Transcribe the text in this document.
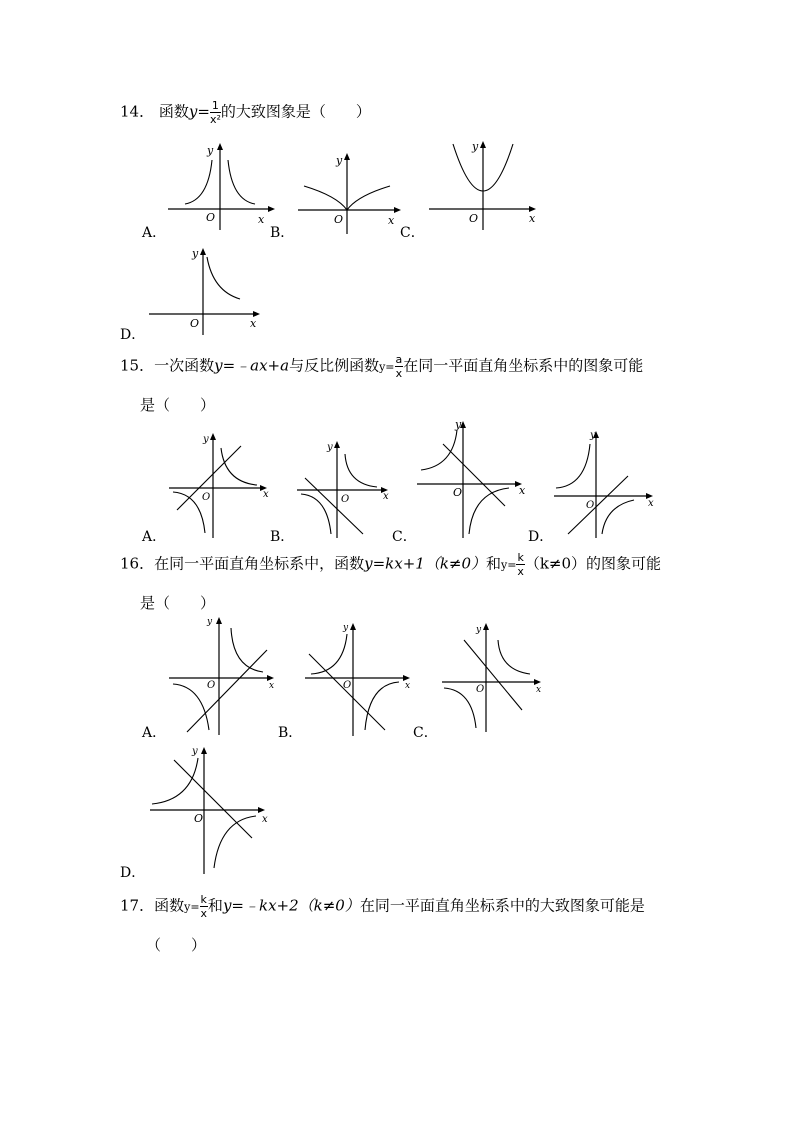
14． 函数$y= \frac{1}{\text{x²}}$ 的大致图象是（　　）
A．	B．	C．
D．
O	x
y
O	x
y
O	x
y
O	x
y
15．一次函数y=﹣ax+a与反比例函数$y= \frac{a}{x}$ 在同一平面直角坐标系中的图象可能
是（　　）
A．	B．	C．	D．
O	x
y
O	x
y
O	x
y
O	x
y
16．在同一平面直角坐标系中，函数y=kx+1（k≠0）和$y= \frac{k}{x} (k\ne 0)$的图象可能
是（　　）
A．	B．	C．
D．
O	x
y
O	x
y
O	x
y
O	x
y
17．函数$y= \frac{k}{x}$ 和y=﹣kx+2（k≠0）在同一平面直角坐标系中的大致图象可能是
（　　）
